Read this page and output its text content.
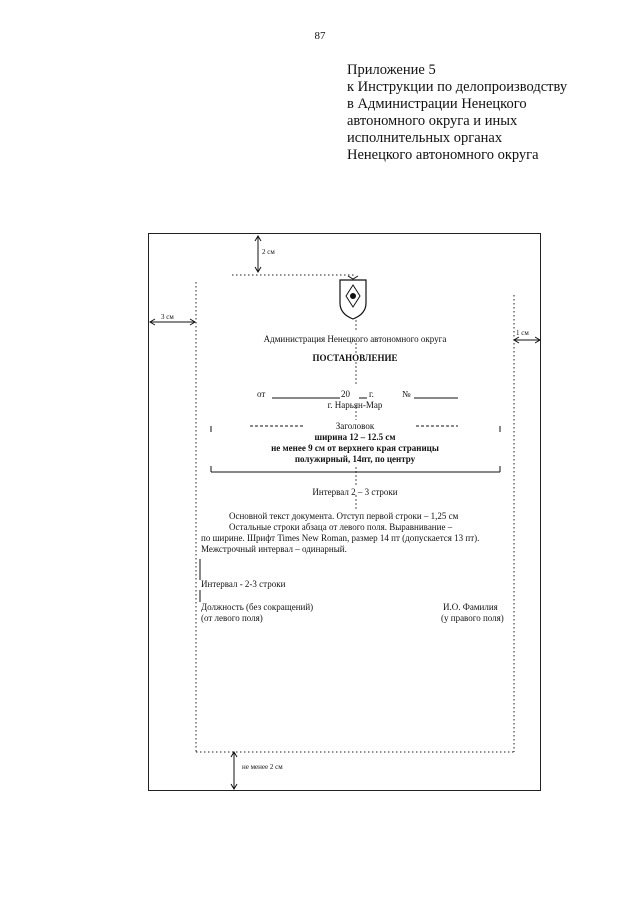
87
Приложение 5
к Инструкции по делопроизводству
в Администрации Ненецкого
автономного округа и иных
исполнительных органах
Ненецкого автономного округа
2 см
3 см
1 см
не менее 2 см
Администрация Ненецкого автономного округа
ПОСТАНОВЛЕНИЕ
от	20 г.	№
г. Нарьян-Мар
Заголовок
ширина 12 – 12.5 см
не менее 9 см от верхнего края страницы
полужирный, 14пт, по центру
Интервал 2 – 3 строки
Основной текст документа. Отступ первой строки – 1,25 см
Остальные строки абзаца от левого поля. Выравнивание –
по ширине. Шрифт Times New Roman, размер 14 пт (допускается 13 пт).
Межстрочный интервал – одинарный.
Интервал - 2-3 строки
Должность (без сокращений)
(от левого поля)
И.О. Фамилия
(у правого поля)
